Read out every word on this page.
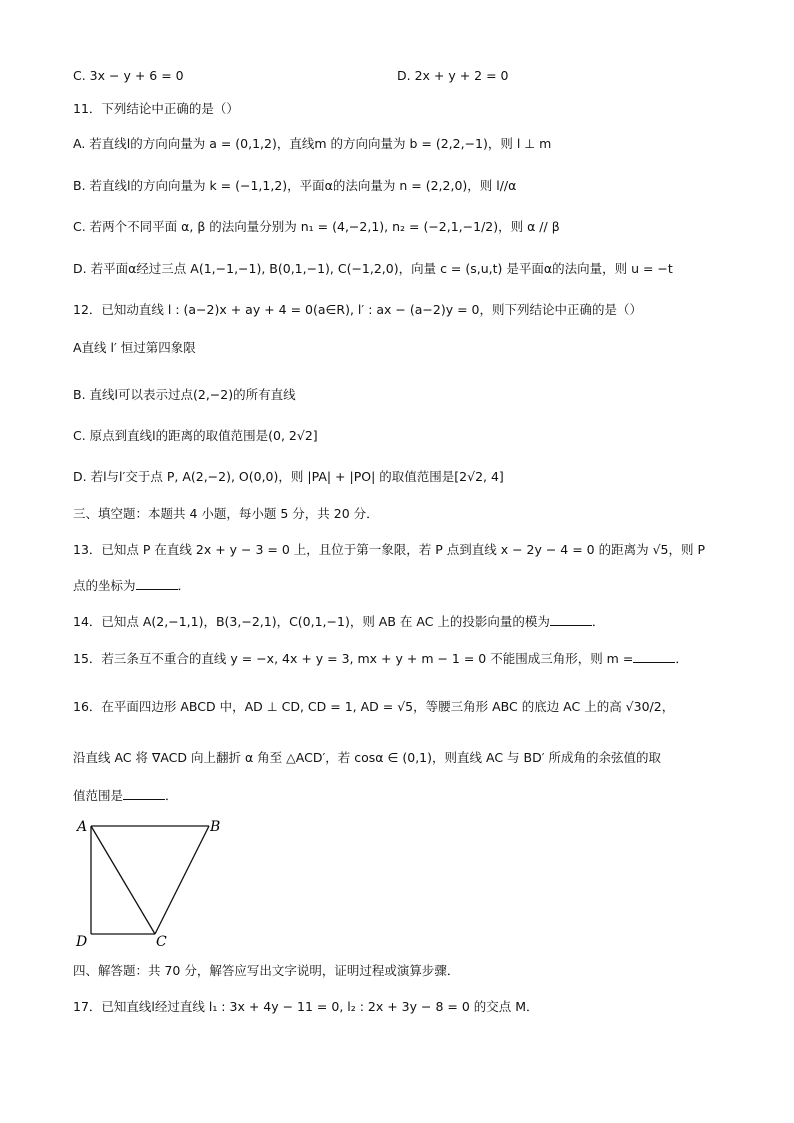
C. 3x − y + 6 = 0	D. 2x + y + 2 = 0
11．下列结论中正确的是（）
A. 若直线l的方向向量为 a = (0,1,2)，直线m 的方向向量为 b = (2,2,−1)，则 l ⊥ m
B. 若直线l的方向向量为 k = (−1,1,2)，平面α的法向量为 n = (2,2,0)，则 l//α
C. 若两个不同平面 α, β 的法向量分别为 n₁ = (4,−2,1), n₂ = (−2,1,−1/2)，则 α // β
D. 若平面α经过三点 A(1,−1,−1), B(0,1,−1), C(−1,2,0)，向量 c = (s,u,t) 是平面α的法向量，则 u = −t
12．已知动直线 l : (a−2)x + ay + 4 = 0(a∈R), l′ : ax − (a−2)y = 0，则下列结论中正确的是（）
A直线 l′ 恒过第四象限
B. 直线l可以表示过点(2,−2)的所有直线
C. 原点到直线l的距离的取值范围是(0, 2√2]
D. 若l与l′交于点 P, A(2,−2), O(0,0)，则 |PA| + |PO| 的取值范围是[2√2, 4]
三、填空题：本题共 4 小题，每小题 5 分，共 20 分．
13．已知点 P 在直线 2x + y − 3 = 0 上，且位于第一象限，若 P 点到直线 x − 2y − 4 = 0 的距离为 √5，则 P
点的坐标为	．
14．已知点 A(2,−1,1)，B(3,−2,1)，C(0,1,−1)，则 AB 在 AC 上的投影向量的模为	．
15．若三条互不重合的直线 y = −x, 4x + y = 3, mx + y + m − 1 = 0 不能围成三角形，则 m =	．
16．在平面四边形 ABCD 中，AD ⊥ CD, CD = 1, AD = √5，等腰三角形 ABC 的底边 AC 上的高 √30/2，
沿直线 AC 将 ∇ACD 向上翻折 α 角至 △ACD′，若 cosα ∈ (0,1)，则直线 AC 与 BD′ 所成角的余弦值的取
值范围是	．
A	B
D	C
四、解答题：共 70 分，解答应写出文字说明，证明过程或演算步骤．
17．已知直线l经过直线 l₁ : 3x + 4y − 11 = 0, l₂ : 2x + 3y − 8 = 0 的交点 M．
